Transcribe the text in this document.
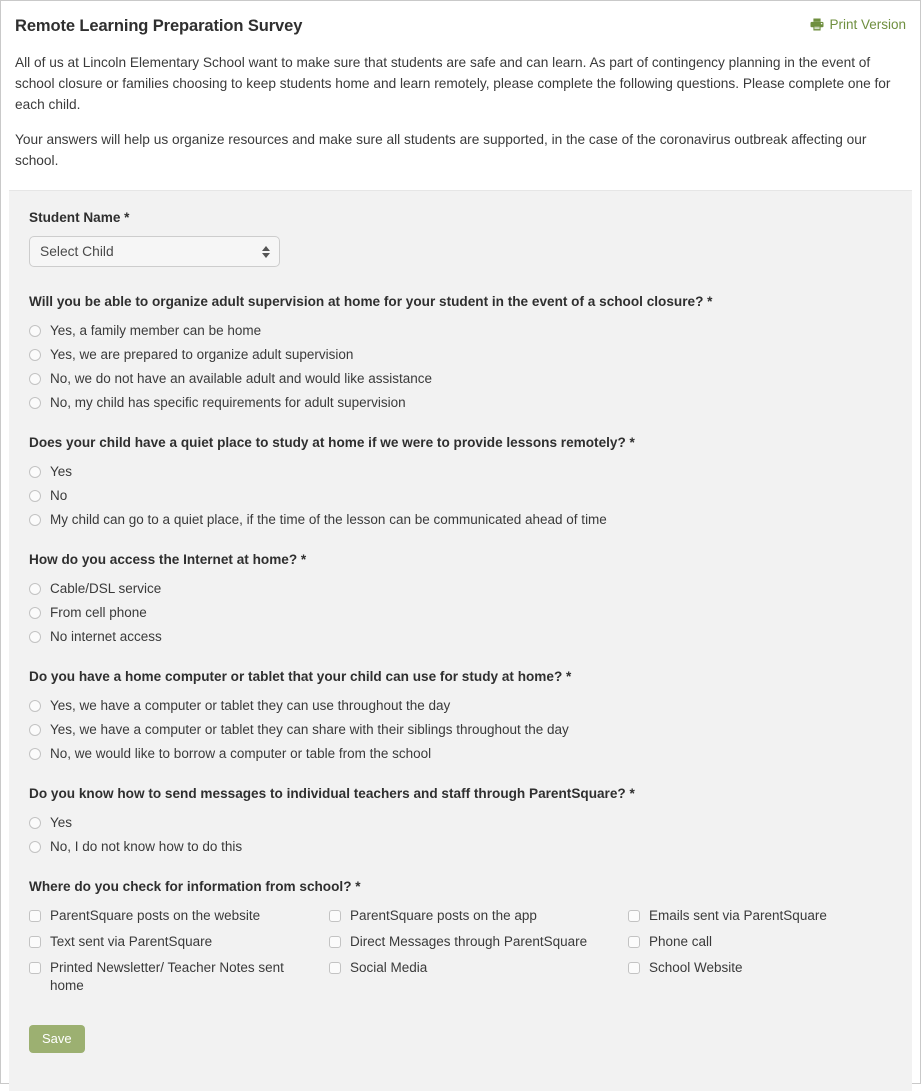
Remote Learning Preparation Survey	Print Version

All of us at Lincoln Elementary School want to make sure that students are safe and can learn. As part of contingency planning in the event of school closure or families choosing to keep students home and learn remotely, please complete the following questions. Please complete one for each child.

Your answers will help us organize resources and make sure all students are supported, in the case of the coronavirus outbreak affecting our school.

Student Name *
Select Child
Will you be able to organize adult supervision at home for your student in the event of a school closure? *
Yes, a family member can be home
Yes, we are prepared to organize adult supervision
No, we do not have an available adult and would like assistance
No, my child has specific requirements for adult supervision
Does your child have a quiet place to study at home if we were to provide lessons remotely? *
Yes
No
My child can go to a quiet place, if the time of the lesson can be communicated ahead of time
How do you access the Internet at home? *
Cable/DSL service
From cell phone
No internet access
Do you have a home computer or tablet that your child can use for study at home? *
Yes, we have a computer or tablet they can use throughout the day
Yes, we have a computer or tablet they can share with their siblings throughout the day
No, we would like to borrow a computer or table from the school
Do you know how to send messages to individual teachers and staff through ParentSquare? *
Yes
No, I do not know how to do this
Where do you check for information from school? *
ParentSquare posts on the website
Text sent via ParentSquare
Printed Newsletter/ Teacher Notes sent home
ParentSquare posts on the app
Direct Messages through ParentSquare
Social Media
Emails sent via ParentSquare
Phone call
School Website
Save
